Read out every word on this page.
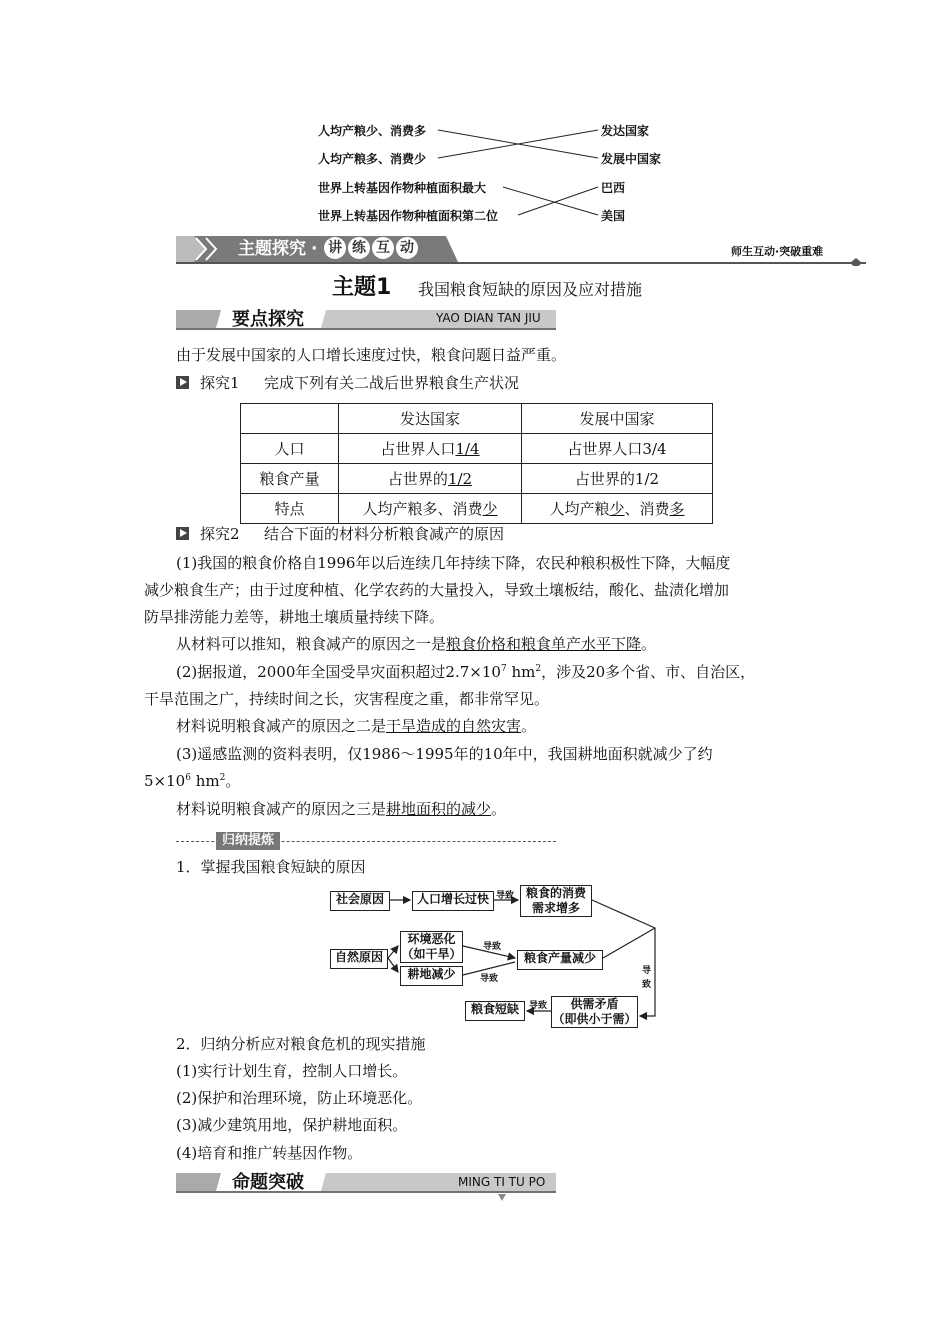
人均产粮少、消费多
人均产粮多、消费少
世界上转基因作物种植面积最大
世界上转基因作物种植面积第二位
发达国家
发展中国家
巴西
美国
主题探究 · 讲 练 互 动	师生互动·突破重难
主题1 我国粮食短缺的原因及应对措施
要点探究	YAO DIAN TAN JIU
由于发展中国家的人口增长速度过快，粮食问题日益严重。
探究1 完成下列有关二战后世界粮食生产状况
	发达国家	发展中国家
人口	占世界人口1/4	占世界人口3/4
粮食产量	占世界的1/2	占世界的1/2
特点	人均产粮多、消费少	人均产粮少、消费多
探究2 结合下面的材料分析粮食减产的原因
(1)我国的粮食价格自1996年以后连续几年持续下降，农民种粮积极性下降，大幅度
减少粮食生产；由于过度种植、化学农药的大量投入，导致土壤板结，酸化、盐渍化增加
防旱排涝能力差等，耕地土壤质量持续下降。
从材料可以推知，粮食减产的原因之一是粮食价格和粮食单产水平下降。
(2)据报道，2000年全国受旱灾面积超过$2.7\times 10^7$ $hm^2$，涉及20多个省、市、自治区，
干旱范围之广，持续时间之长，灾害程度之重，都非常罕见。
材料说明粮食减产的原因之二是干旱造成的自然灾害。
(3)遥感监测的资料表明，仅1986～1995年的10年中，我国耕地面积就减少了约
$5\times 10^6$ $hm^2$。
材料说明粮食减产的原因之三是耕地面积的减少。
归纳提炼
1．掌握我国粮食短缺的原因
社会原因	人口增长过快	粮食的消费
需求增多
自然原因
环境恶化
（如干旱）
耕地减少
粮食产量减少
供需矛盾
（即供小于需）
粮食短缺
导致
导致
导致
导
致
导致
2．归纳分析应对粮食危机的现实措施
(1)实行计划生育，控制人口增长。
(2)保护和治理环境，防止环境恶化。
(3)减少建筑用地，保护耕地面积。
(4)培育和推广转基因作物。
命题突破	MING TI TU PO
